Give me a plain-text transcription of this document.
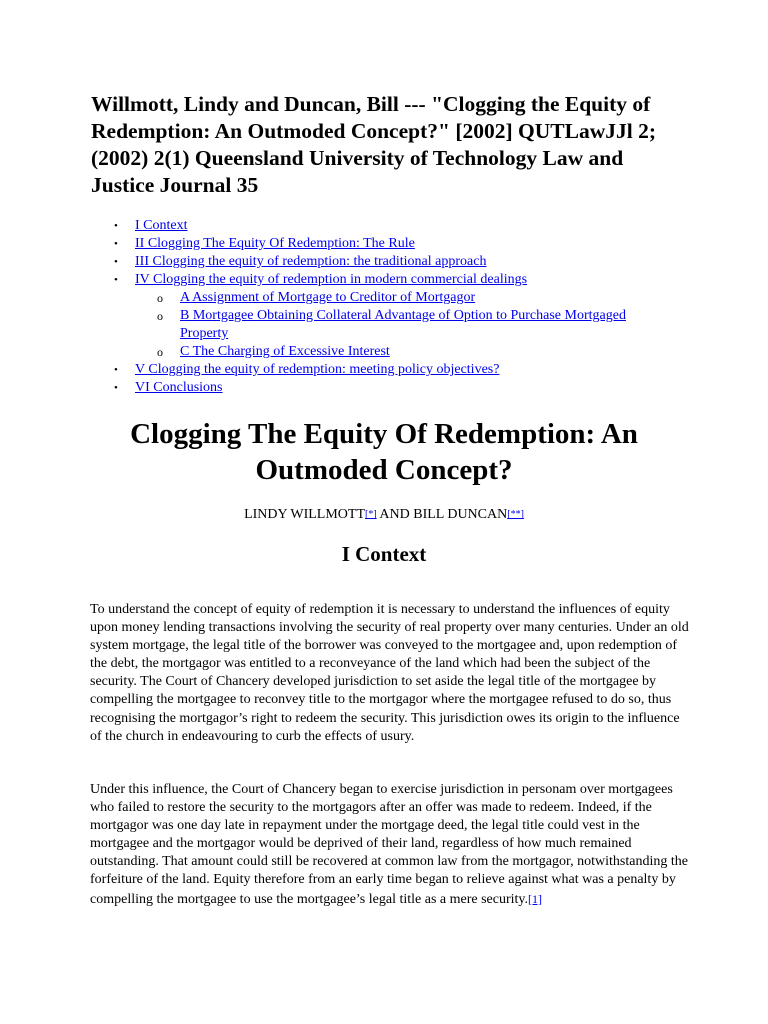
Willmott, Lindy and Duncan, Bill --- "Clogging the Equity of Redemption: An Outmoded Concept?" [2002] QUTLawJJl 2; (2002) 2(1) Queensland University of Technology Law and Justice Journal 35
• I Context
• II Clogging The Equity Of Redemption: The Rule
• III Clogging the equity of redemption: the traditional approach
• IV Clogging the equity of redemption in modern commercial dealings
o A Assignment of Mortgage to Creditor of Mortgagor
o B Mortgagee Obtaining Collateral Advantage of Option to Purchase Mortgaged
Property
o C The Charging of Excessive Interest
• V Clogging the equity of redemption: meeting policy objectives?
• VI Conclusions
Clogging The Equity Of Redemption: An
Outmoded Concept?
LINDY WILLMOTT[*] AND BILL DUNCAN[**]
I Context

To understand the concept of equity of redemption it is necessary to understand the influences of equity upon money lending transactions involving the security of real property over many centuries. Under an old system mortgage, the legal title of the borrower was conveyed to the mortgagee and, upon redemption of the debt, the mortgagor was entitled to a reconveyance of the land which had been the subject of the security. The Court of Chancery developed jurisdiction to set aside the legal title of the mortgagee by compelling the mortgagee to reconvey title to the mortgagor where the mortgagee refused to do so, thus recognising the mortgagor’s right to redeem the security. This jurisdiction owes its origin to the influence of the church in endeavouring to curb the effects of usury.

Under this influence, the Court of Chancery began to exercise jurisdiction in personam over mortgagees who failed to restore the security to the mortgagors after an offer was made to redeem. Indeed, if the mortgagor was one day late in repayment under the mortgage deed, the legal title could vest in the mortgagee and the mortgagor would be deprived of their land, regardless of how much remained outstanding. That amount could still be recovered at common law from the mortgagor, notwithstanding the forfeiture of the land. Equity therefore from an early time began to relieve against what was a penalty by compelling the mortgagee to use the mortgagee’s legal title as a mere security.[1]
